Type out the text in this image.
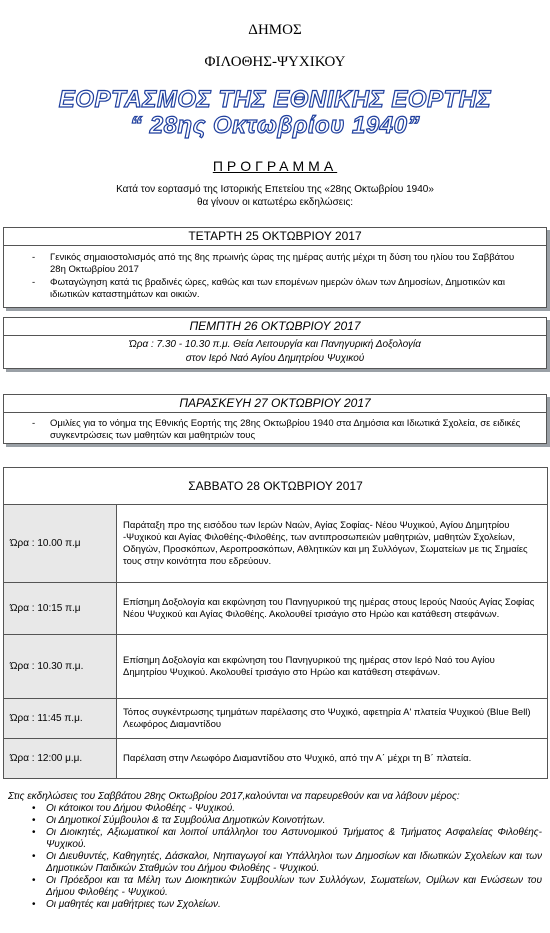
ΔΗΜΟΣ
ΦΙΛΟΘΗΣ-ΨΥΧΙΚΟΥ
ΕΟΡΤΑΣΜΟΣ ΤΗΣ ΕΘΝΙΚΗΣ ΕΟΡΤΗΣ
“ 28ης Οκτωβρίου 1940”
ΠΡΟΓΡΑΜΜΑ
Κατά τον εορτασμό της Ιστορικής Επετείου της «28ης Οκτωβρίου 1940»
θα γίνουν οι κατωτέρω εκδηλώσεις:
ΤΕΤΑΡΤΗ 25 ΟΚΤΩΒΡΙΟΥ 2017
- Γενικός σημαιοστολισμός από της 8ης πρωινής ώρας της ημέρας αυτής μέχρι τη δύση του ηλίου του Σαββάτου 28η Οκτωβρίου 2017
- Φωταγώγηση κατά τις βραδινές ώρες, καθώς και των επομένων ημερών όλων των Δημοσίων, Δημοτικών και ιδιωτικών καταστημάτων και οικιών.
ΠΕΜΠΤΗ 26 ΟΚΤΩΒΡΙΟΥ 2017
Ώρα : 7.30 - 10.30 π.μ. Θεία Λειτουργία και Πανηγυρική Δοξολογία
στον Ιερό Ναό Αγίου Δημητρίου Ψυχικού
ΠΑΡΑΣΚΕΥΗ 27 ΟΚΤΩΒΡΙΟΥ 2017
- Ομιλίες για το νόημα της Εθνικής Εορτής της 28ης Οκτωβρίου 1940 στα Δημόσια και Ιδιωτικά Σχολεία, σε ειδικές συγκεντρώσεις των μαθητών και μαθητριών τους
ΣΑΒΒΑΤΟ 28 ΟΚΤΩΒΡΙΟΥ 2017	
Ώρα : 10.00 π.μ	Παράταξη προ της εισόδου των Ιερών Ναών, Αγίας Σοφίας- Νέου Ψυχικού, Αγίου Δημητρίου -Ψυχικού και Αγίας Φιλοθέης-Φιλοθέης, των αντιπροσωπειών μαθητριών, μαθητών Σχολείων, Οδηγών, Προσκόπων, Αεροπροσκόπων, Αθλητικών και μη Συλλόγων, Σωματείων με τις Σημαίες τους στην κοινότητα που εδρεύουν.
Ώρα : 10:15 π.μ	Επίσημη Δοξολογία και εκφώνηση του Πανηγυρικού της ημέρας στους Ιερούς Ναούς Αγίας Σοφίας Νέου Ψυχικού και Αγίας Φιλοθέης. Ακολουθεί τρισάγιο στο Ηρώο και κατάθεση στεφάνων.
Ώρα : 10.30 π.μ.	Επίσημη Δοξολογία και εκφώνηση του Πανηγυρικού της ημέρας στον Ιερό Ναό του Αγίου Δημητρίου Ψυχικού. Ακολουθεί τρισάγιο στο Ηρώο και κατάθεση στεφάνων.
Ώρα : 11:45 π.μ.	Τόπος συγκέντρωσης τμημάτων παρέλασης στο Ψυχικό, αφετηρία Α' πλατεία Ψυχικού (Blue Bell) Λεωφόρος Διαμαντίδου
Ώρα : 12:00 μ.μ.	Παρέλαση στην Λεωφόρο Διαμαντίδου στο Ψυχικό, από την Α΄ μέχρι τη Β΄ πλατεία.
Στις εκδηλώσεις του Σαββάτου 28ης Οκτωβρίου 2017,καλούνται να παρευρεθούν και να λάβουν μέρος:
• Οι κάτοικοι του Δήμου Φιλοθέης - Ψυχικού.
• Οι Δημοτικοί Σύμβουλοι & τα Συμβούλια Δημοτικών Κοινοτήτων.
• Οι Διοικητές, Αξιωματικοί και λοιποί υπάλληλοι του Αστυνομικού Τμήματος & Τμήματος Ασφαλείας Φιλοθέης- Ψυχικού.
• Οι Διευθυντές, Καθηγητές, Δάσκαλοι, Νηπιαγωγοί και Υπάλληλοι των Δημοσίων και Ιδιωτικών Σχολείων και των Δημοτικών Παιδικών Σταθμών του Δήμου Φιλοθέης - Ψυχικού.
• Οι Πρόεδροι και τα Μέλη των Διοικητικών Συμβουλίων των Συλλόγων, Σωματείων, Ομίλων και Ενώσεων του Δήμου Φιλοθέης - Ψυχικού.
• Οι μαθητές και μαθήτριες των Σχολείων.
